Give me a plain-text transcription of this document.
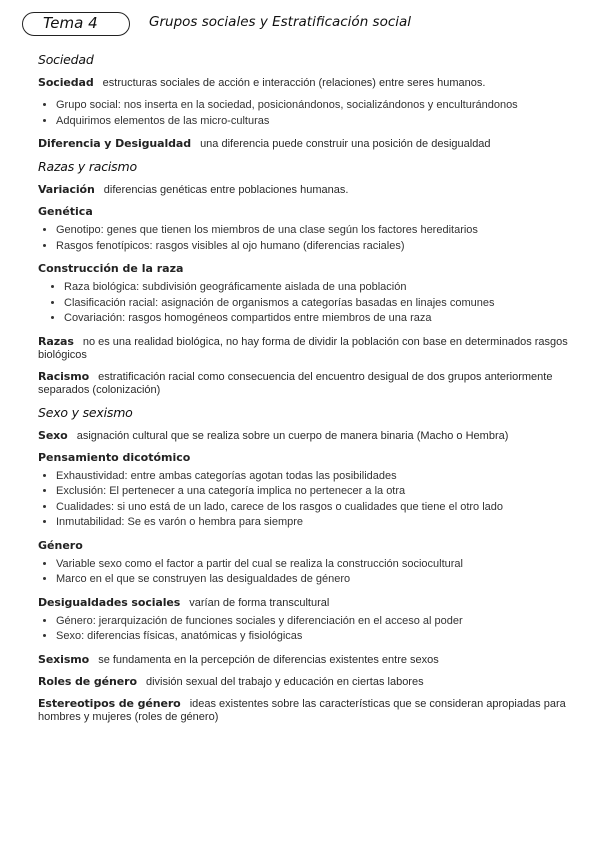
Tema 4	Grupos sociales y Estratificación social
Sociedad
Sociedad estructuras sociales de acción e interacción (relaciones) entre seres humanos.
• Grupo social: nos inserta en la sociedad, posicionándonos, socializándonos y enculturándonos
• Adquirimos elementos de las micro-culturas
Diferencia y Desigualdad una diferencia puede construir una posición de desigualdad
Razas y racismo
Variación diferencias genéticas entre poblaciones humanas.
Genética
• Genotipo: genes que tienen los miembros de una clase según los factores hereditarios
• Rasgos fenotípicos: rasgos visibles al ojo humano (diferencias raciales)
Construcción de la raza
• Raza biológica: subdivisión geográficamente aislada de una población
• Clasificación racial: asignación de organismos a categorías basadas en linajes comunes
• Covariación: rasgos homogéneos compartidos entre miembros de una raza
Razas no es una realidad biológica, no hay forma de dividir la población con base en determinados rasgos biológicos
Racismo estratificación racial como consecuencia del encuentro desigual de dos grupos anteriormente separados (colonización)
Sexo y sexismo
Sexo asignación cultural que se realiza sobre un cuerpo de manera binaria (Macho o Hembra)
Pensamiento dicotómico
• Exhaustividad: entre ambas categorías agotan todas las posibilidades
• Exclusión: El pertenecer a una categoría implica no pertenecer a la otra
• Cualidades: si uno está de un lado, carece de los rasgos o cualidades que tiene el otro lado
• Inmutabilidad: Se es varón o hembra para siempre
Género
• Variable sexo como el factor a partir del cual se realiza la construcción sociocultural
• Marco en el que se construyen las desigualdades de género
Desigualdades sociales varían de forma transcultural
• Género: jerarquización de funciones sociales y diferenciación en el acceso al poder
• Sexo: diferencias físicas, anatómicas y fisiológicas
Sexismo se fundamenta en la percepción de diferencias existentes entre sexos
Roles de género división sexual del trabajo y educación en ciertas labores
Estereotipos de género ideas existentes sobre las características que se consideran apropiadas para hombres y mujeres (roles de género)
